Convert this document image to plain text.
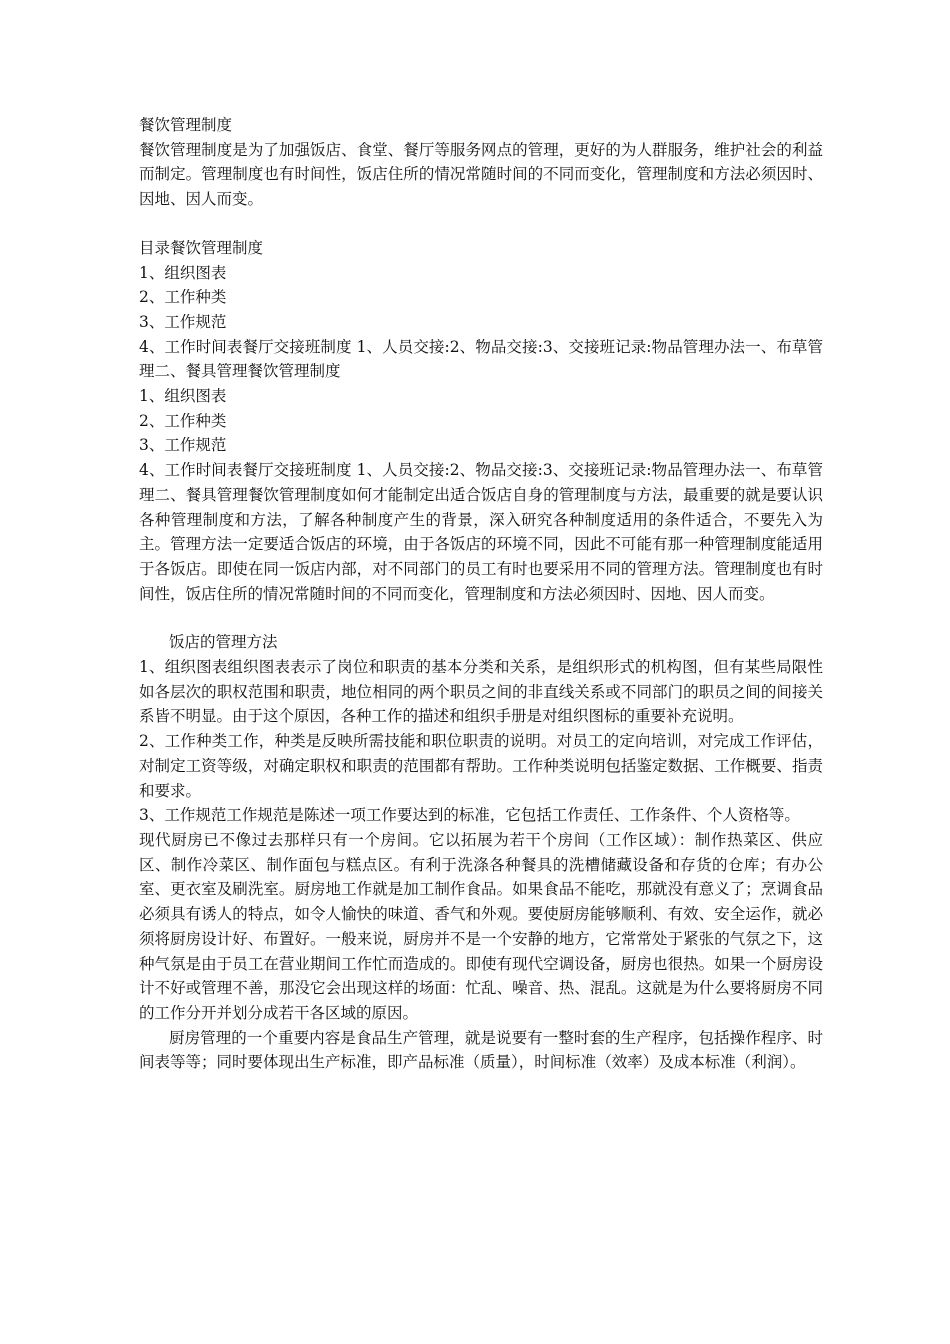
餐饮管理制度

餐饮管理制度是为了加强饭店、食堂、餐厅等服务网点的管理，更好的为人群服务，维护社会的利益而制定。管理制度也有时间性，饭店住所的情况常随时间的不同而变化，管理制度和方法必须因时、因地、因人而变。

目录餐饮管理制度

1、组织图表

2、工作种类

3、工作规范

4、工作时间表餐厅交接班制度 1、人员交接:2、物品交接:3、交接班记录:物品管理办法一、布草管理二、餐具管理餐饮管理制度

1、组织图表

2、工作种类

3、工作规范

4、工作时间表餐厅交接班制度 1、人员交接:2、物品交接:3、交接班记录:物品管理办法一、布草管理二、餐具管理餐饮管理制度如何才能制定出适合饭店自身的管理制度与方法，最重要的就是要认识各种管理制度和方法，了解各种制度产生的背景，深入研究各种制度适用的条件适合，不要先入为主。管理方法一定要适合饭店的环境，由于各饭店的环境不同，因此不可能有那一种管理制度能适用于各饭店。即使在同一饭店内部，对不同部门的员工有时也要采用不同的管理方法。管理制度也有时间性，饭店住所的情况常随时间的不同而变化，管理制度和方法必须因时、因地、因人而变。

饭店的管理方法

1、组织图表组织图表表示了岗位和职责的基本分类和关系，是组织形式的机构图，但有某些局限性如各层次的职权范围和职责，地位相同的两个职员之间的非直线关系或不同部门的职员之间的间接关系皆不明显。由于这个原因，各种工作的描述和组织手册是对组织图标的重要补充说明。

2、工作种类工作，种类是反映所需技能和职位职责的说明。对员工的定向培训，对完成工作评估，对制定工资等级，对确定职权和职责的范围都有帮助。工作种类说明包括鉴定数据、工作概要、指责和要求。

3、工作规范工作规范是陈述一项工作要达到的标准，它包括工作责任、工作条件、个人资格等。

现代厨房已不像过去那样只有一个房间。它以拓展为若干个房间（工作区域）：制作热菜区、供应区、制作冷菜区、制作面包与糕点区。有利于洗涤各种餐具的洗槽储藏设备和存货的仓库；有办公室、更衣室及刷洗室。厨房地工作就是加工制作食品。如果食品不能吃，那就没有意义了；烹调食品必须具有诱人的特点，如令人愉快的味道、香气和外观。要使厨房能够顺利、有效、安全运作，就必须将厨房设计好、布置好。一般来说，厨房并不是一个安静的地方，它常常处于紧张的气氛之下，这种气氛是由于员工在营业期间工作忙而造成的。即使有现代空调设备，厨房也很热。如果一个厨房设计不好或管理不善，那没它会出现这样的场面：忙乱、噪音、热、混乱。这就是为什么要将厨房不同的工作分开并划分成若干各区域的原因。

厨房管理的一个重要内容是食品生产管理，就是说要有一整时套的生产程序，包括操作程序、时间表等等；同时要体现出生产标准，即产品标准（质量），时间标准（效率）及成本标准（利润）。
